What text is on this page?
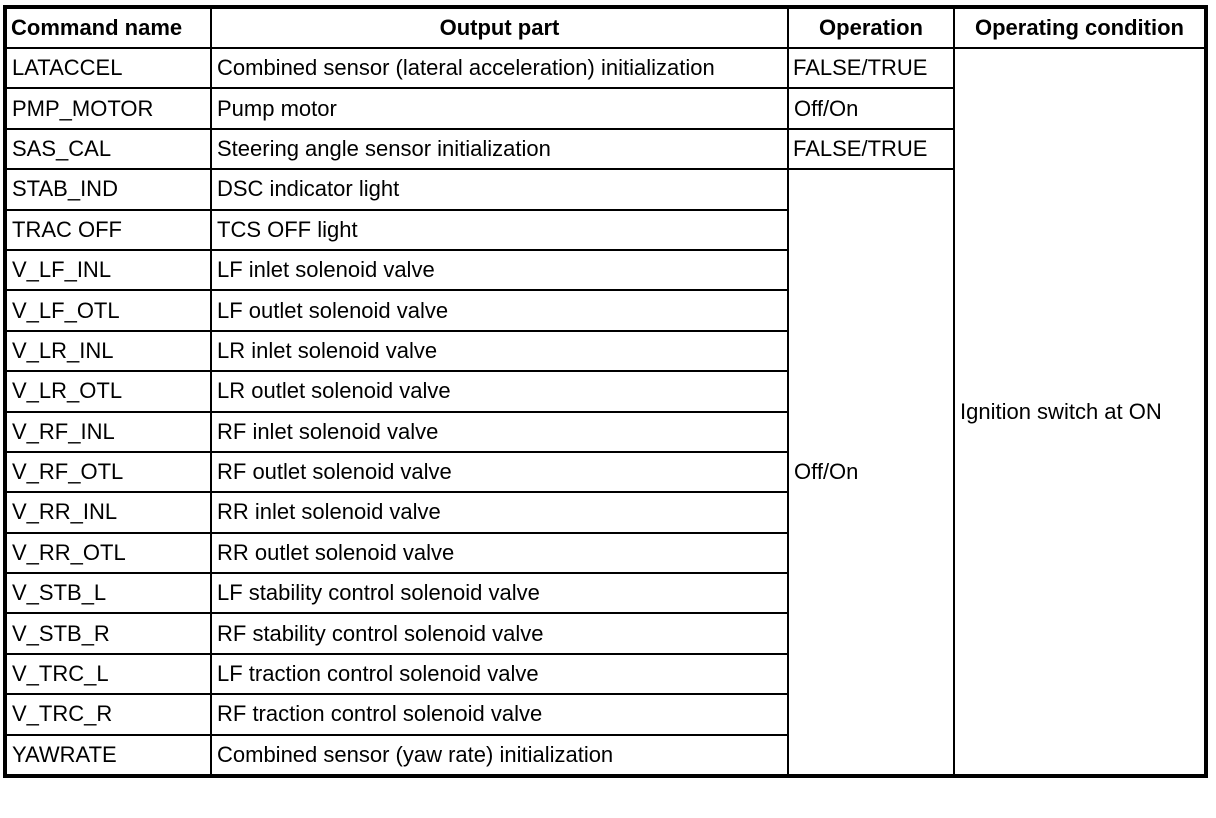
Command name	Output part	Operation	Operating condition
LATACCEL	Combined sensor (lateral acceleration) initialization	FALSE/TRUE	Ignition switch at ON
PMP_MOTOR	Pump motor	Off/On	
SAS_CAL	Steering angle sensor initialization	FALSE/TRUE	
STAB_IND	DSC indicator light	Off/On	
TRAC OFF	TCS OFF light		
V_LF_INL	LF inlet solenoid valve		
V_LF_OTL	LF outlet solenoid valve		
V_LR_INL	LR inlet solenoid valve		
V_LR_OTL	LR outlet solenoid valve		
V_RF_INL	RF inlet solenoid valve		
V_RF_OTL	RF outlet solenoid valve		
V_RR_INL	RR inlet solenoid valve		
V_RR_OTL	RR outlet solenoid valve		
V_STB_L	LF stability control solenoid valve		
V_STB_R	RF stability control solenoid valve		
V_TRC_L	LF traction control solenoid valve		
V_TRC_R	RF traction control solenoid valve		
YAWRATE	Combined sensor (yaw rate) initialization		
